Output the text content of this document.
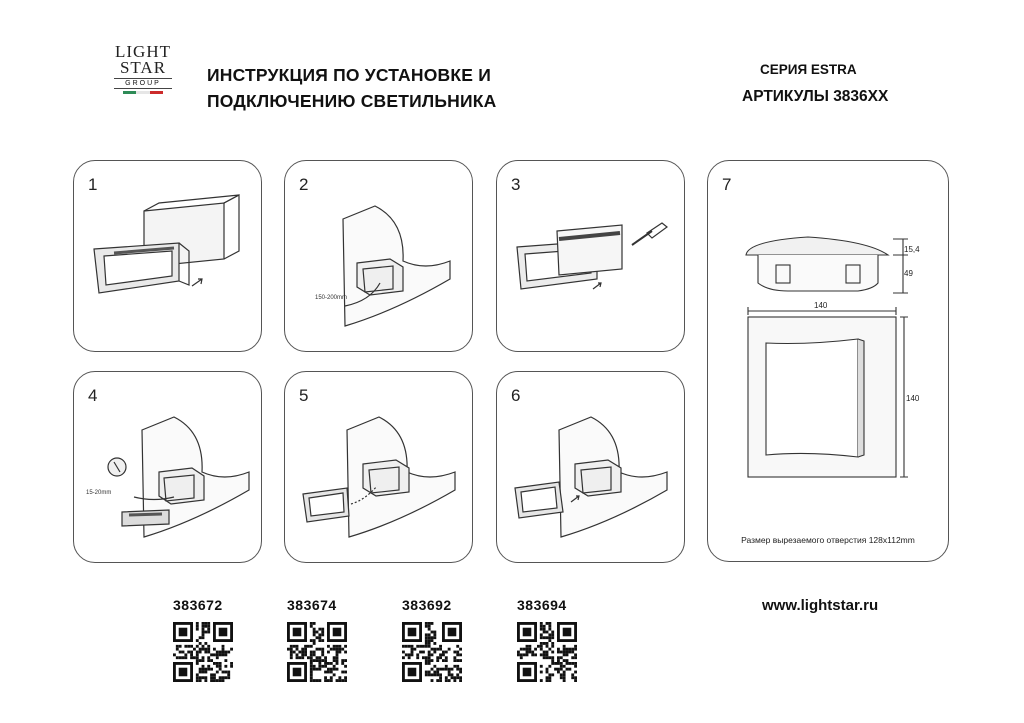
LIGHT
STAR
GROUP	ИНСТРУКЦИЯ ПО УСТАНОВКЕ И
ПОДКЛЮЧЕНИЮ СВЕТИЛЬНИКА
СЕРИЯ ESTRA
АРТИКУЛЫ 3836ХХ
1	2
150-200mm
3
4
15-20mm
5	6
7
15,4
49
140
140
Размер вырезаемого отверстия 128x112mm
383672	383674	383692	383694	www.lightstar.ru
